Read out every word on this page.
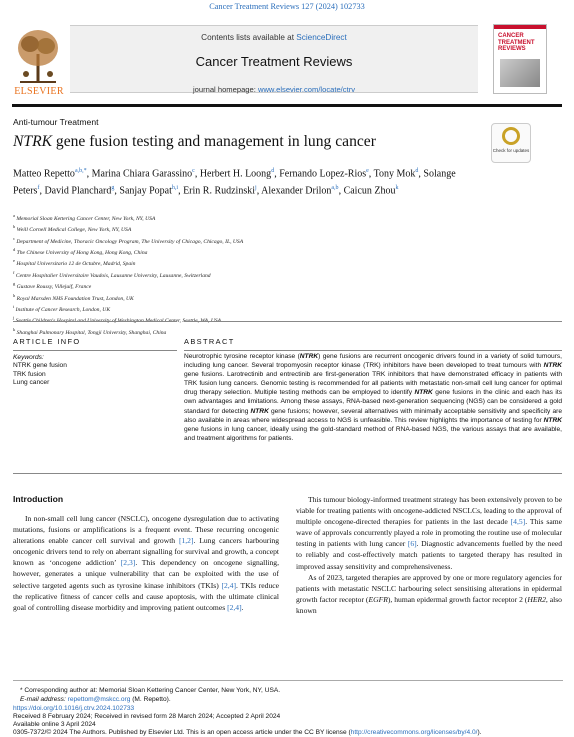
Cancer Treatment Reviews 127 (2024) 102733
ELSEVIER
Contents lists available at ScienceDirect
Cancer Treatment Reviews
journal homepage: www.elsevier.com/locate/ctrv
CANCER TREATMENT REVIEWS
Anti-tumour Treatment
NTRK gene fusion testing and management in lung cancer
Check for updates
Matteo Repetto$^{a,b,*}$, Marina Chiara Garassino$^c$, Herbert H. Loong$^d$, Fernando Lopez-Rios$^e$, Tony Mok$^d$, Solange Peters$^f$, David Planchard$^g$, Sanjay Popat$^{h,i}$, Erin R. Rudzinski$^j$, Alexander Drilon$^{a,b}$, Caicun Zhou$^k$
$^a$ Memorial Sloan Kettering Cancer Center, New York, NY, USA
$^b$ Weill Cornell Medical College, New York, NY, USA
$^c$ Department of Medicine, Thoracic Oncology Program, The University of Chicago, Chicago, IL, USA
$^d$ The Chinese University of Hong Kong, Hong Kong, China
$^e$ Hospital Universitario 12 de Octubre, Madrid, Spain
$^f$ Centre Hospitalier Universitaire Vaudois, Lausanne University, Lausanne, Switzerland
$^g$ Gustave Roussy, Villejuif, France
$^h$ Royal Marsden NHS Foundation Trust, London, UK
$^i$ Institute of Cancer Research, London, UK
$^j$
$^k$ Shanghai Pulmonary Hospital, Tongji University, Shanghai, China
ARTICLE INFO	ABSTRACT
Keywords:
NTRK gene fusion
TRK fusion
Lung cancer
Neurotrophic tyrosine receptor kinase (NTRK) gene fusions are recurrent oncogenic drivers found in a variety of solid tumours, including lung cancer. Several tropomyosin receptor kinase (TRK) inhibitors have been developed to treat tumours with NTRK gene fusions. Larotrectinib and entrectinib are first-generation TRK inhibitors that have demonstrated efficacy in patients with TRK fusion lung cancers. Genomic testing is recommended for all patients with metastatic non-small cell lung cancer for optimal drug therapy selection. Multiple testing methods can be employed to identify NTRK gene fusions in the clinic and each has its own advantages and limitations. Among these assays, RNA-based next-generation sequencing (NGS) can be considered a gold standard for detecting NTRK gene fusions; however, several alternatives with minimally acceptable sensitivity and specificity are also available in areas where widespread access to NGS is unfeasible. This review highlights the importance of testing for NTRK gene fusions in lung cancer, ideally using the gold-standard method of RNA-based NGS, the various assays that are available, and treatment algorithms for patients.
Introduction
In non-small cell lung cancer (NSCLC), oncogene dysregulation due to activating mutations, fusions or amplifications is a frequent event. These recurring oncogenic alterations enable cancer cell survival and growth [1,2]. Lung cancers harbouring oncogenic drivers tend to rely on aberrant signalling for survival and growth, a concept known as ‘oncogene addiction’ [2,3]. This dependency on oncogene signalling, however, generates a unique vulnerability that can be exploited with the use of selective targeted agents such as tyrosine kinase inhibitors (TKIs) [2,4]. TKIs reduce the replicative fitness of cancer cells and cause apoptosis, with the ultimate clinical goal of controlling disease morbidity and improving patient outcomes [2,4].

This tumour biology-informed treatment strategy has been extensively proven to be viable for treating patients with oncogene-addicted NSCLCs, leading to the approval of multiple oncogene-directed therapies for patients in the last decade [4,5]. This same wave of approvals concurrently played a role in promoting the routine use of molecular testing in patients with lung cancer [6]. Diagnostic advancements fuelled by the need to reliably and cost-effectively match patients to targeted therapy has resulted in improved assay sensitivity and comprehensiveness.

As of 2023, targeted therapies are approved by one or more regulatory agencies for patients with metastatic NSCLC harbouring select sensitising alterations in epidermal growth factor receptor (EGFR), human epidermal growth factor receptor 2 (HER2, also known

* Corresponding author at: Memorial Sloan Kettering Cancer Center, New York, NY, USA.
E-mail address: repettom@mskcc.org (M. Repetto).
https://doi.org/10.1016/j.ctrv.2024.102733
Received 8 February 2024; Received in revised form 28 March 2024; Accepted 2 April 2024
Available online 3 April 2024
0305-7372/© 2024 The Authors. Published by Elsevier Ltd. This is an open access article under the CC BY license (http://creativecommons.org/licenses/by/4.0/).
